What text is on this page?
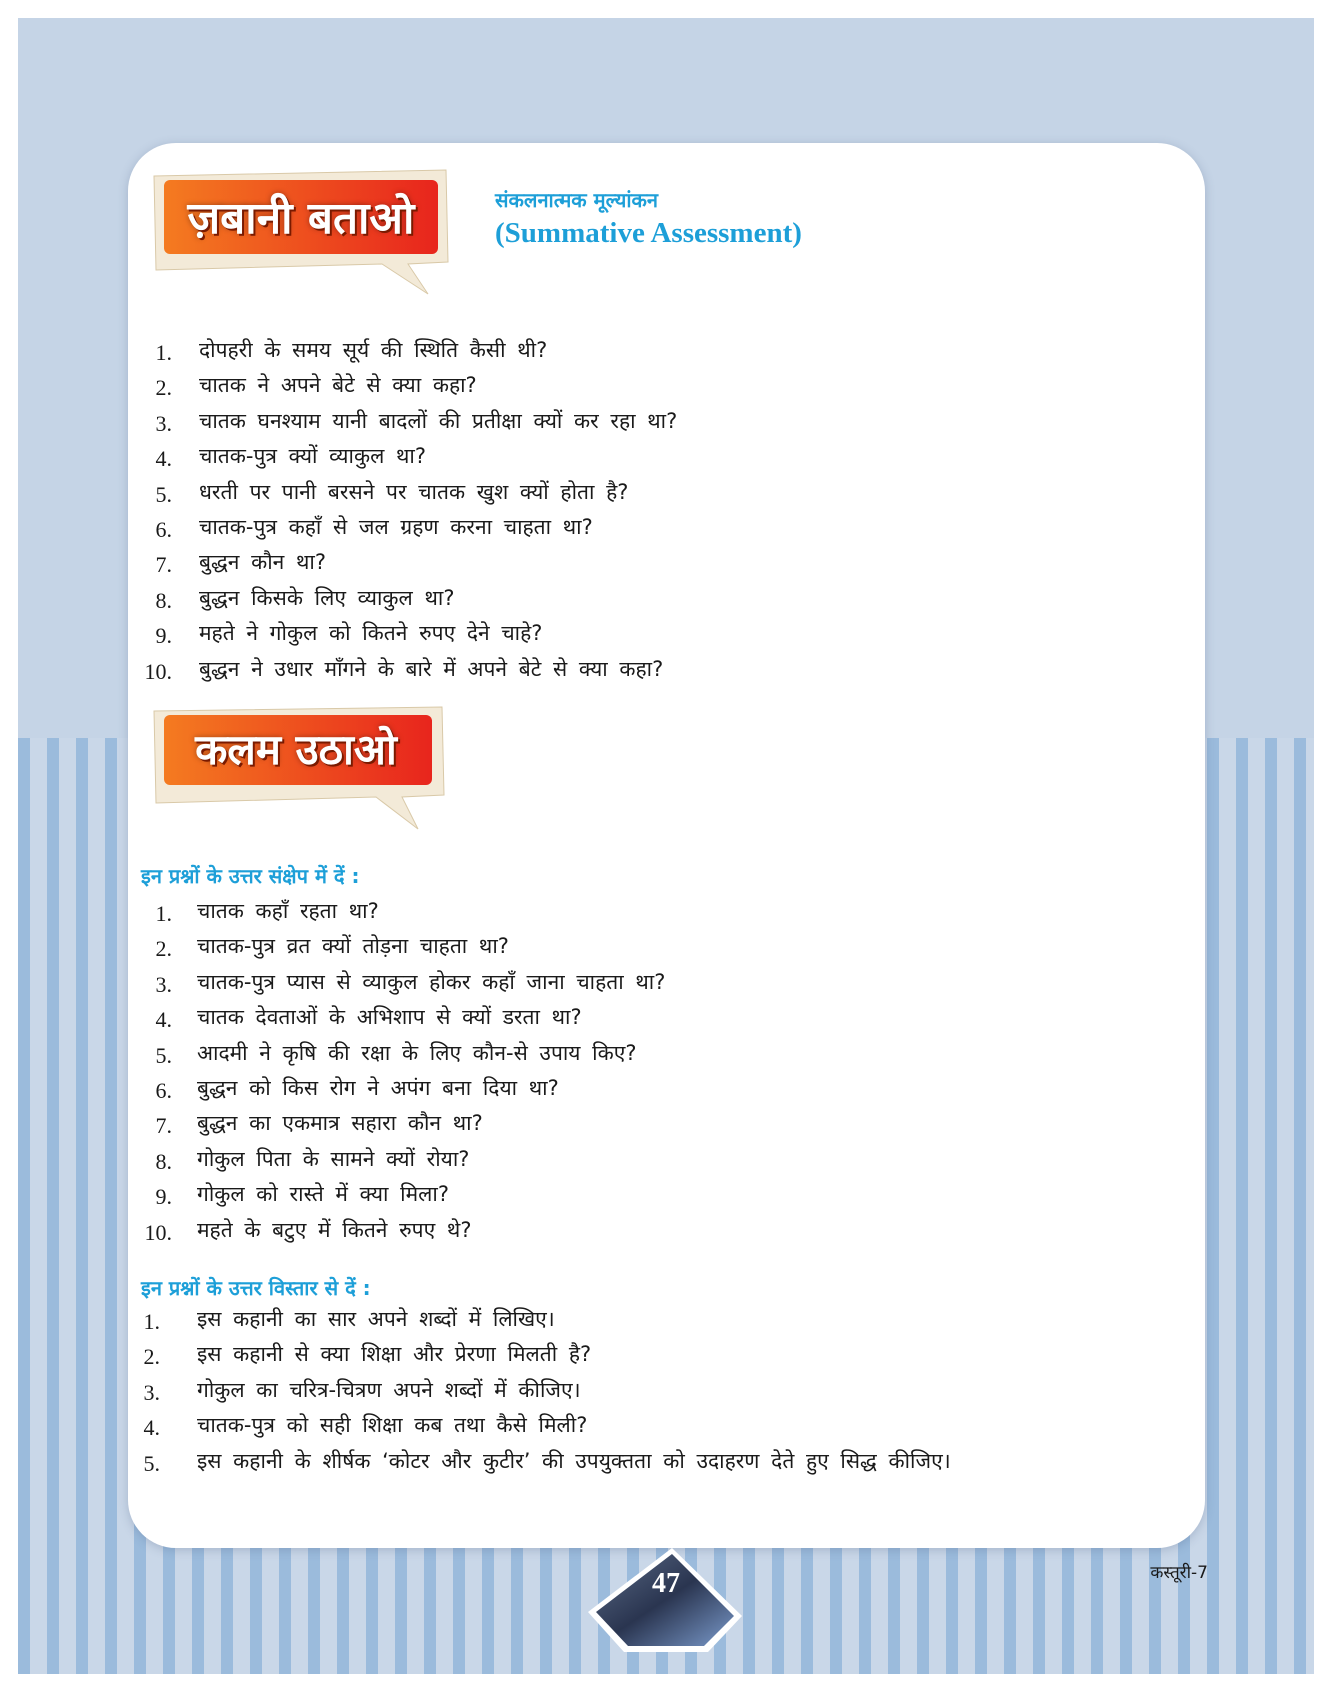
ज़बानी बताओ	संकलनात्मक मूल्यांकन
(Summative Assessment)
1. दोपहरी के समय सूर्य की स्थिति कैसी थी?
2. चातक ने अपने बेटे से क्या कहा?
3. चातक घनश्याम यानी बादलों की प्रतीक्षा क्यों कर रहा था?
4. चातक-पुत्र क्यों व्याकुल था?
5. धरती पर पानी बरसने पर चातक खुश क्यों होता है?
6. चातक-पुत्र कहाँ से जल ग्रहण करना चाहता था?
7. बुद्धन कौन था?
8. बुद्धन किसके लिए व्याकुल था?
9. महते ने गोकुल को कितने रुपए देने चाहे?
10. बुद्धन ने उधार माँगने के बारे में अपने बेटे से क्या कहा?
कलम उठाओ
इन प्रश्नों के उत्तर संक्षेप में दें :
1. चातक कहाँ रहता था?
2. चातक-पुत्र व्रत क्यों तोड़ना चाहता था?
3. चातक-पुत्र प्यास से व्याकुल होकर कहाँ जाना चाहता था?
4. चातक देवताओं के अभिशाप से क्यों डरता था?
5. आदमी ने कृषि की रक्षा के लिए कौन-से उपाय किए?
6. बुद्धन को किस रोग ने अपंग बना दिया था?
7. बुद्धन का एकमात्र सहारा कौन था?
8. गोकुल पिता के सामने क्यों रोया?
9. गोकुल को रास्ते में क्या मिला?
10. महते के बटुए में कितने रुपए थे?
इन प्रश्नों के उत्तर विस्तार से दें :
1. इस कहानी का सार अपने शब्दों में लिखिए।
2. इस कहानी से क्या शिक्षा और प्रेरणा मिलती है?
3. गोकुल का चरित्र-चित्रण अपने शब्दों में कीजिए।
4. चातक-पुत्र को सही शिक्षा कब तथा कैसे मिली?
5. इस कहानी के शीर्षक ‘कोटर और कुटीर’ की उपयुक्तता को उदाहरण देते हुए सिद्ध कीजिए।
कस्तूरी-7
47
